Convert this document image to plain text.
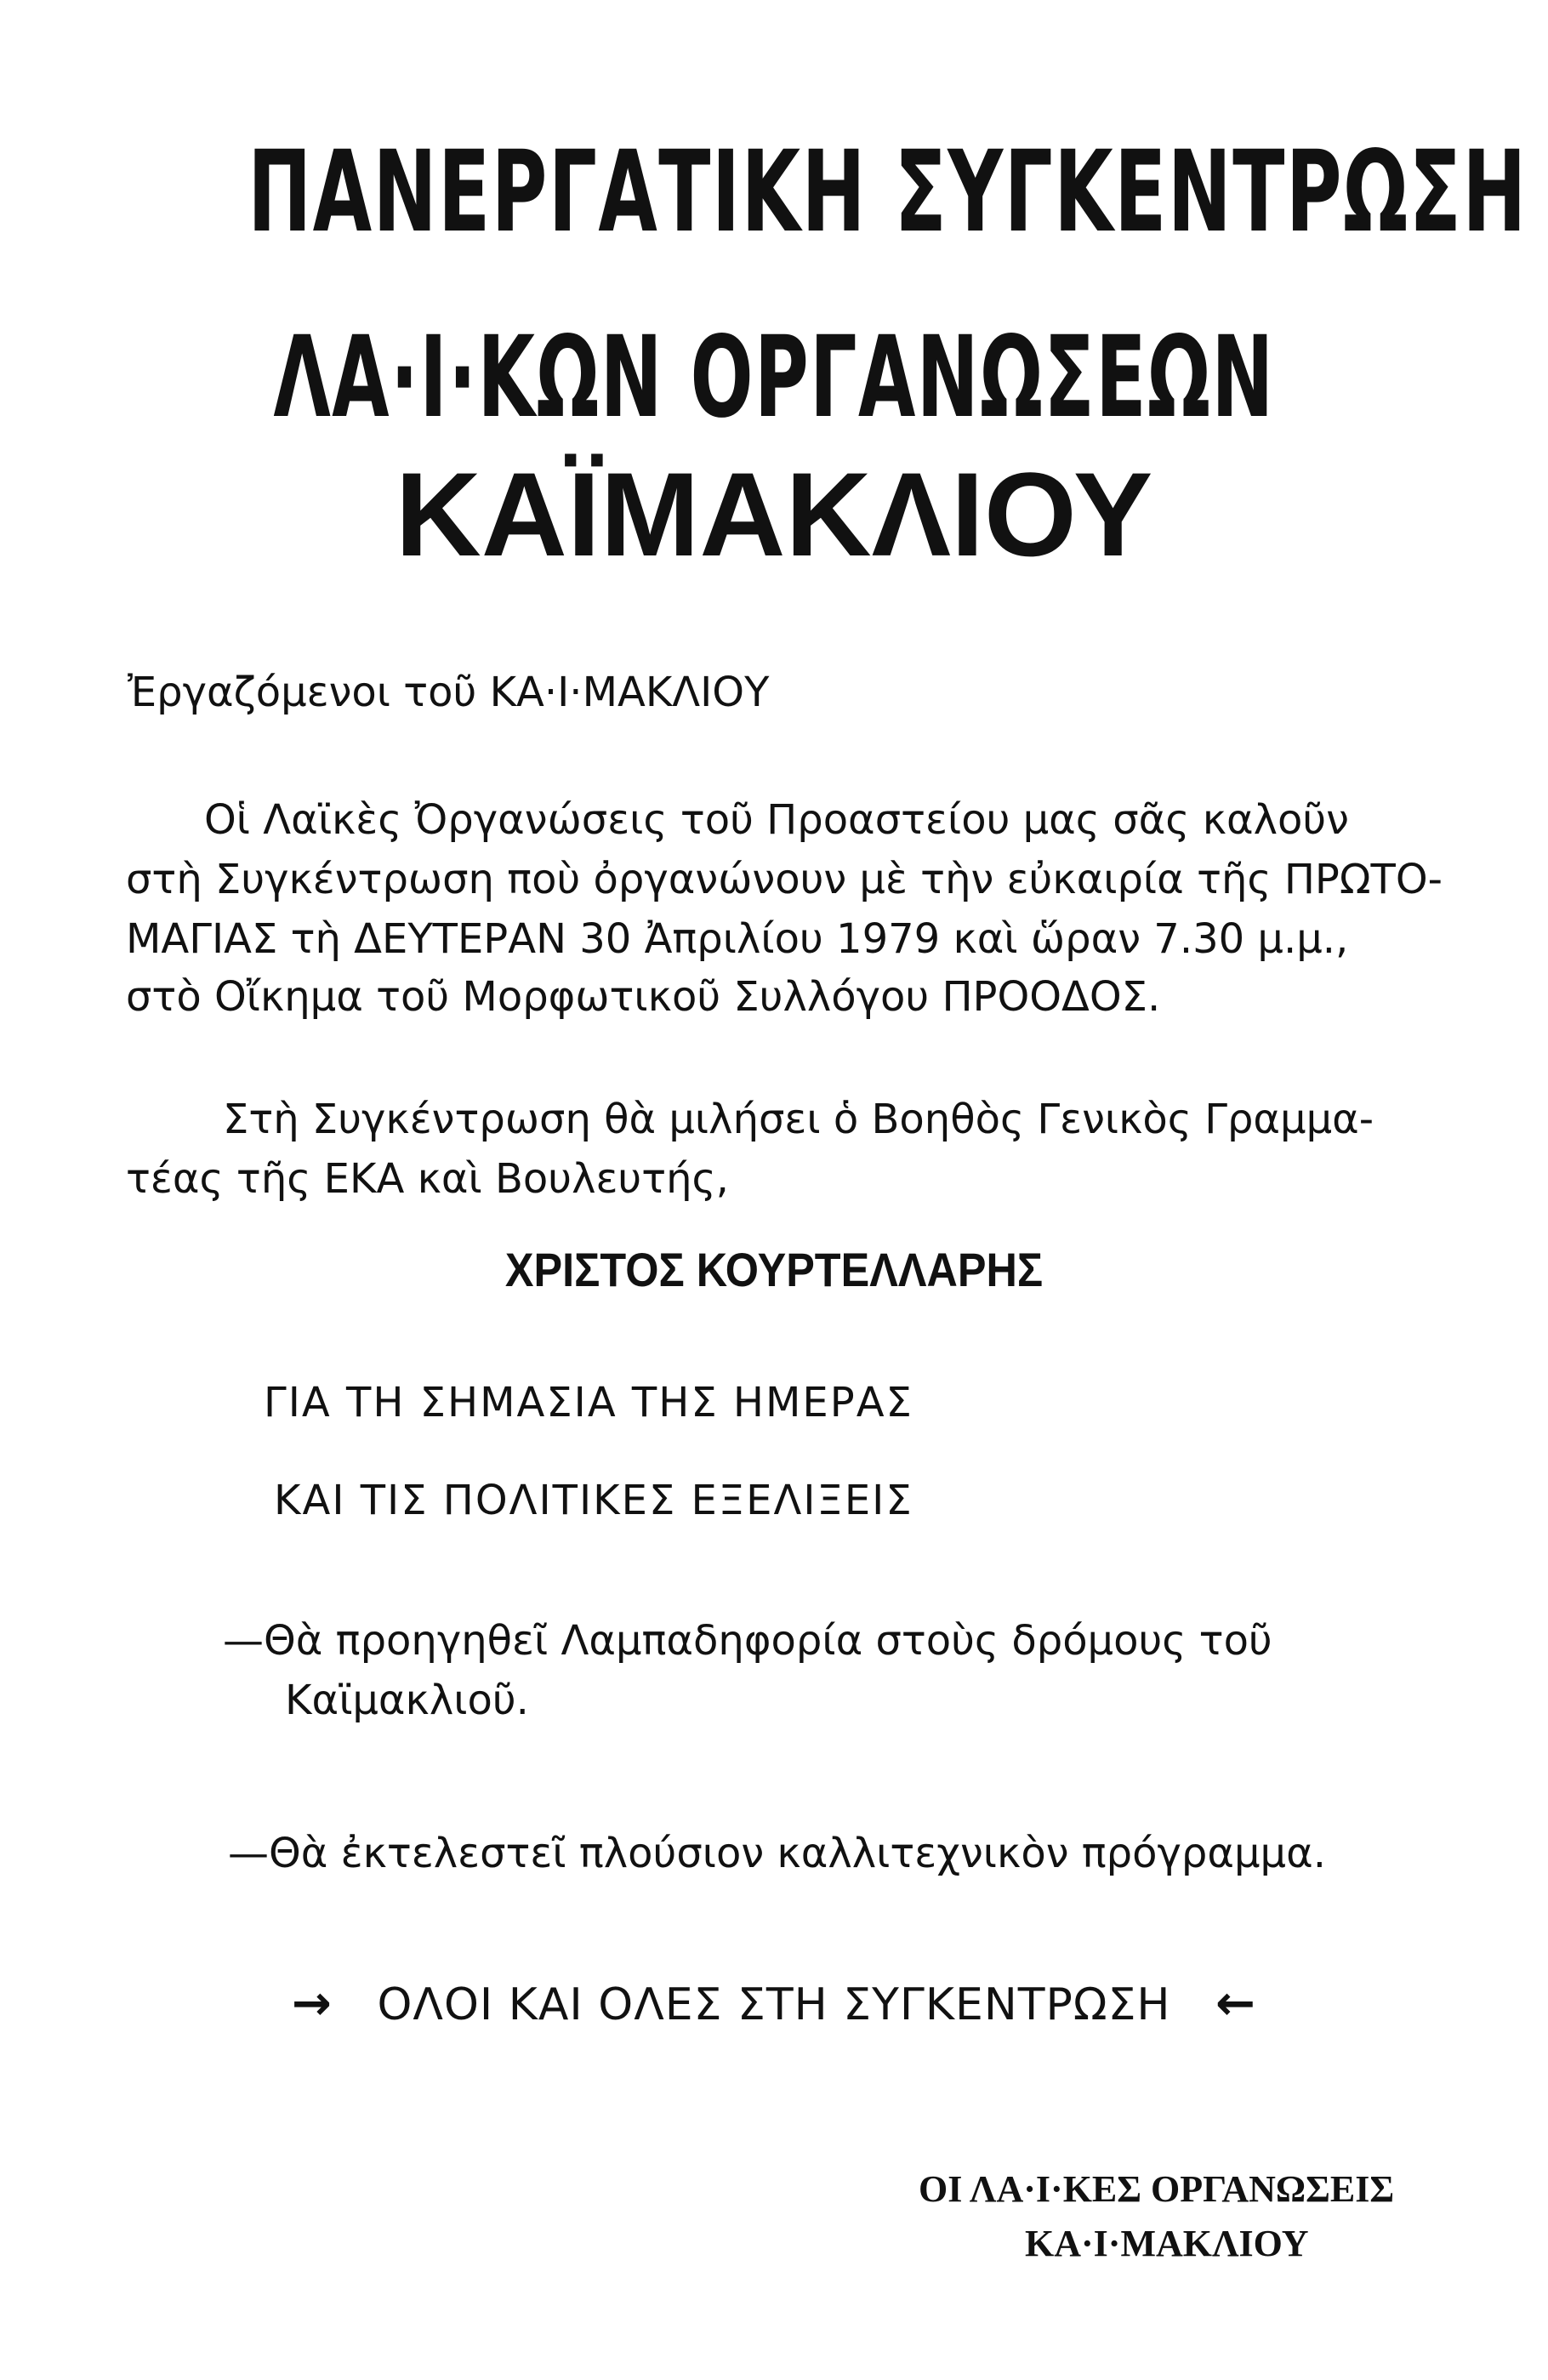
ΠΑΝΕΡΓΑΤΙΚΗ ΣΥΓΚΕΝΤΡΩΣΗ
ΛΑ·Ι·ΚΩΝ ΟΡΓΑΝΩΣΕΩΝ
ΚΑΪΜΑΚΛΙΟΥ

Ἐργαζόμενοι τοῦ ΚΑ·Ι·ΜΑΚΛΙΟΥ

Οἱ Λαϊκὲς Ὀργανώσεις τοῦ Προαστείου μας σᾶς καλοῦν

στὴ Συγκέντρωση ποὺ ὀργανώνουν μὲ τὴν εὐκαιρία τῆς ΠΡΩΤΟ-

ΜΑΓΙΑΣ τὴ ΔΕΥΤΕΡΑΝ 30 Ἀπριλίου 1979 καὶ ὥραν 7.30 μ.μ.,

στὸ Οἴκημα τοῦ Μορφωτικοῦ Συλλόγου ΠΡΟΟΔΟΣ.

Στὴ Συγκέντρωση θὰ μιλήσει ὁ Βοηθὸς Γενικὸς Γραμμα-

τέας τῆς ΕΚΑ καὶ Βουλευτής,

ΧΡΙΣΤΟΣ ΚΟΥΡΤΕΛΛΑΡΗΣ

ΓΙΑ ΤΗ ΣΗΜΑΣΙΑ ΤΗΣ ΗΜΕΡΑΣ

ΚΑΙ ΤΙΣ ΠΟΛΙΤΙΚΕΣ ΕΞΕΛΙΞΕΙΣ

—Θὰ προηγηθεῖ Λαμπαδηφορία στοὺς δρόμους τοῦ

Καϊμακλιοῦ.

—Θὰ ἐκτελεστεῖ πλούσιον καλλιτεχνικὸν πρόγραμμα.

→ ΟΛΟΙ ΚΑΙ ΟΛΕΣ ΣΤΗ ΣΥΓΚΕΝΤΡΩΣΗ ←

ΟΙ ΛΑ·Ι·ΚΕΣ ΟΡΓΑΝΩΣΕΙΣ

ΚΑ·Ι·ΜΑΚΛΙΟΥ
